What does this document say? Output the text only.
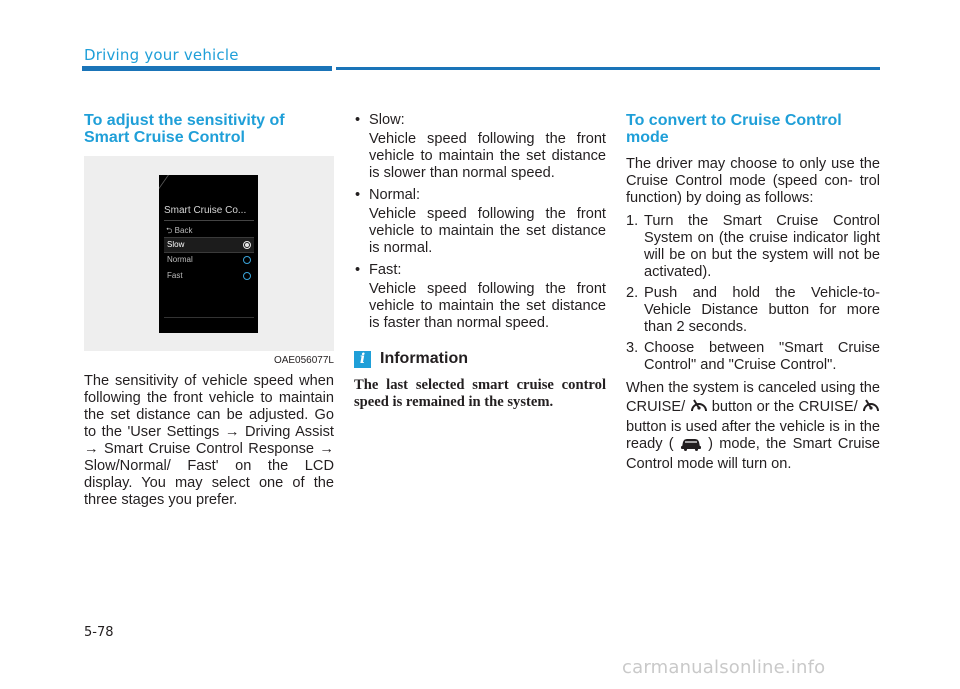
Driving your vehicle
To adjust the sensitivity of Smart Cruise Control
Smart Cruise Co...
⮌ Back
Slow
Normal
Fast
OAE056077L

The sensitivity of vehicle speed when following the front vehicle to maintain the set distance can be adjusted. Go to the 'User Settings → Driving Assist → Smart Cruise Control Response → Slow/Normal/ Fast' on the LCD display. You may select one of the three stages you prefer.

• Slow:
Vehicle speed following the front vehicle to maintain the set distance is slower than normal speed.
• Normal:
Vehicle speed following the front vehicle to maintain the set distance is normal.
• Fast:
Vehicle speed following the front vehicle to maintain the set distance is faster than normal speed.
i Information
The last selected smart cruise control speed is remained in the system.
To convert to Cruise Control mode

The driver may choose to only use the Cruise Control mode (speed con- trol function) by doing as follows:

1. Turn the Smart Cruise Control System on (the cruise indicator light will be on but the system will not be activated).
2. Push and hold the Vehicle-to- Vehicle Distance button for more than 2 seconds.
3. Choose between "Smart Cruise Control" and "Cruise Control".

When the system is canceled using the CRUISE/  button or the CRUISE/  button is used after the vehicle is in the ready ( ) mode, the Smart Cruise Control mode will turn on.

5-78
carmanualsonline.info
